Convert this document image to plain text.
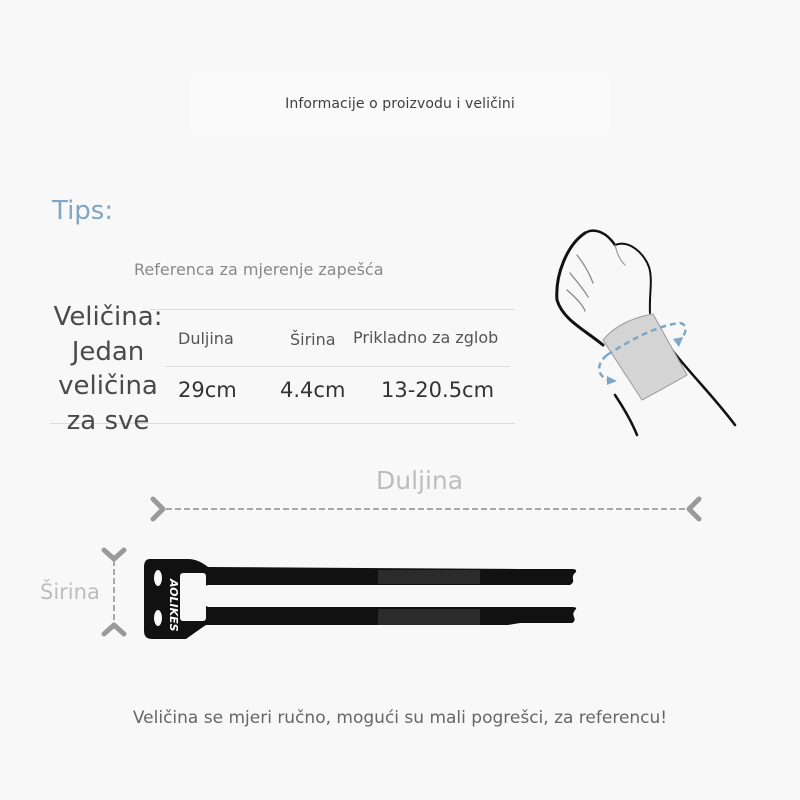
Informacije o proizvodu i veličini
Tips:
Referenca za mjerenje zapešća
Veličina:
Jedan
veličina
za sve
Duljina	Širina Prikladno za zglob
29cm 4.4cm 13-20.5cm
Duljina
Širina	AOLIKES
Veličina se mjeri ručno, mogući su mali pogrešci, za referencu!
